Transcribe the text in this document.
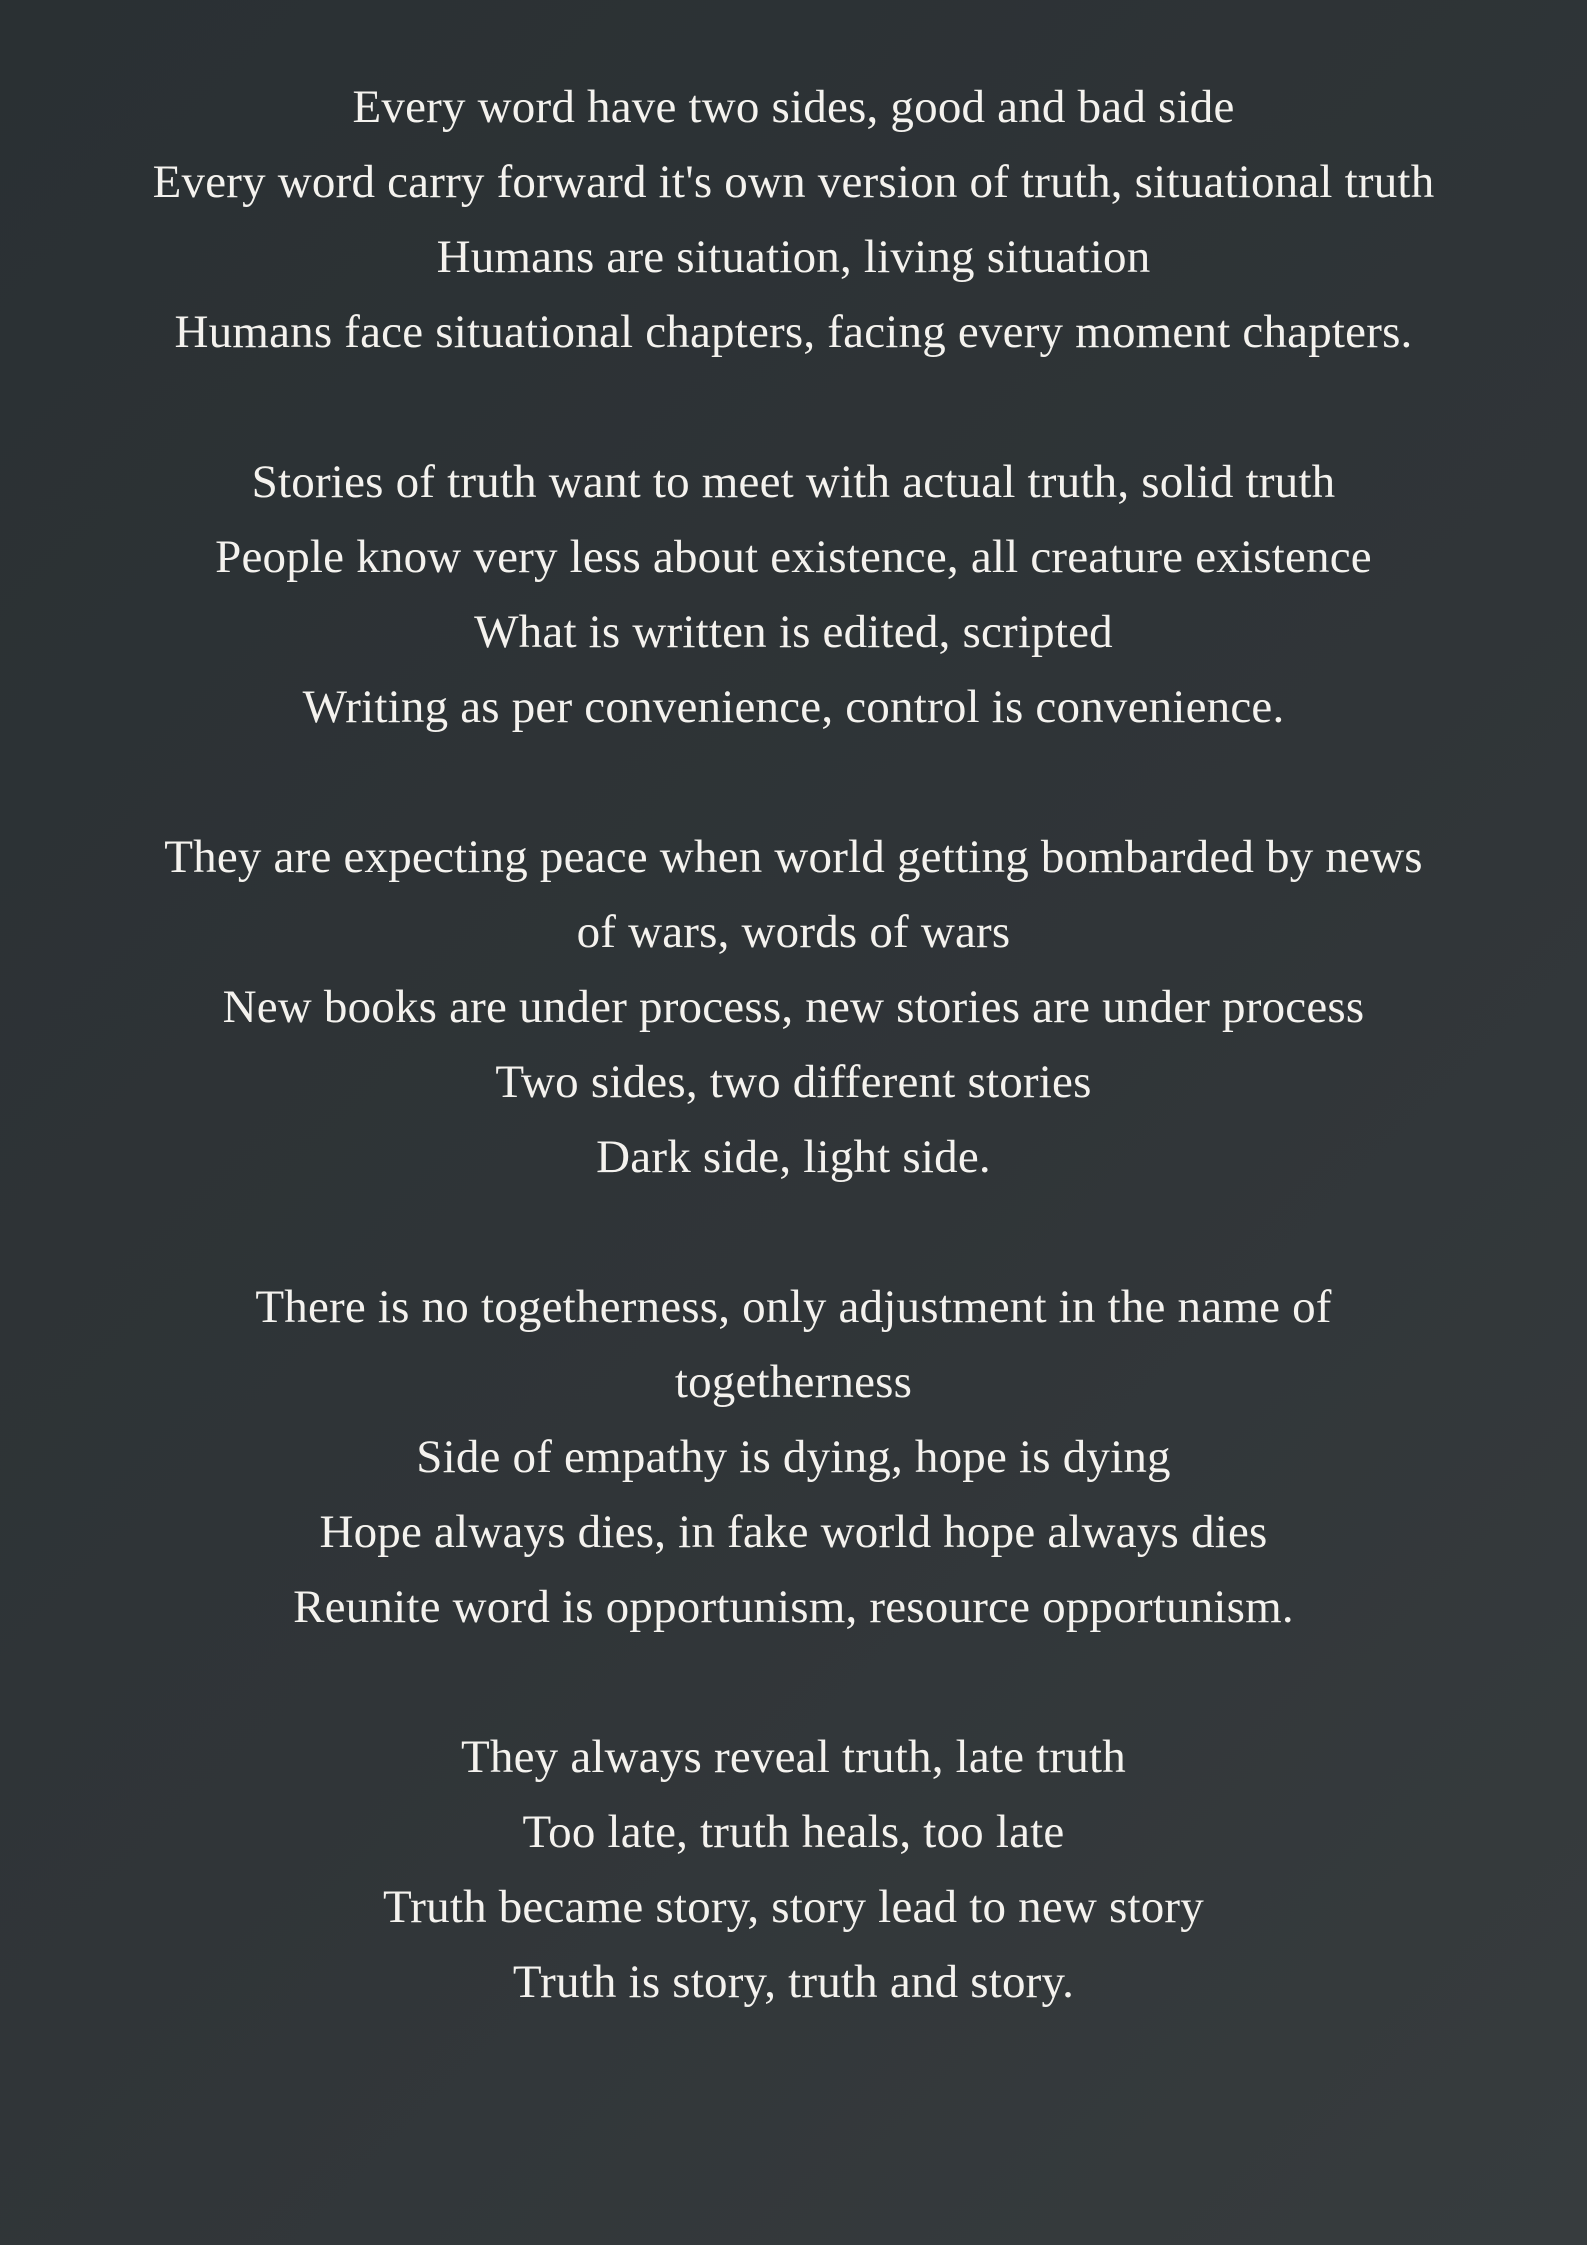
Every word have two sides, good and bad side
Every word carry forward it's own version of truth, situational truth
Humans are situation, living situation
Humans face situational chapters, facing every moment chapters.
Stories of truth want to meet with actual truth, solid truth
People know very less about existence, all creature existence
What is written is edited, scripted
Writing as per convenience, control is convenience.
They are expecting peace when world getting bombarded by news of wars, words of wars
New books are under process, new stories are under process
Two sides, two different stories
Dark side, light side.
There is no togetherness, only adjustment in the name of togetherness
Side of empathy is dying, hope is dying
Hope always dies, in fake world hope always dies
Reunite word is opportunism, resource opportunism.
They always reveal truth, late truth
Too late, truth heals, too late
Truth became story, story lead to new story
Truth is story, truth and story.
